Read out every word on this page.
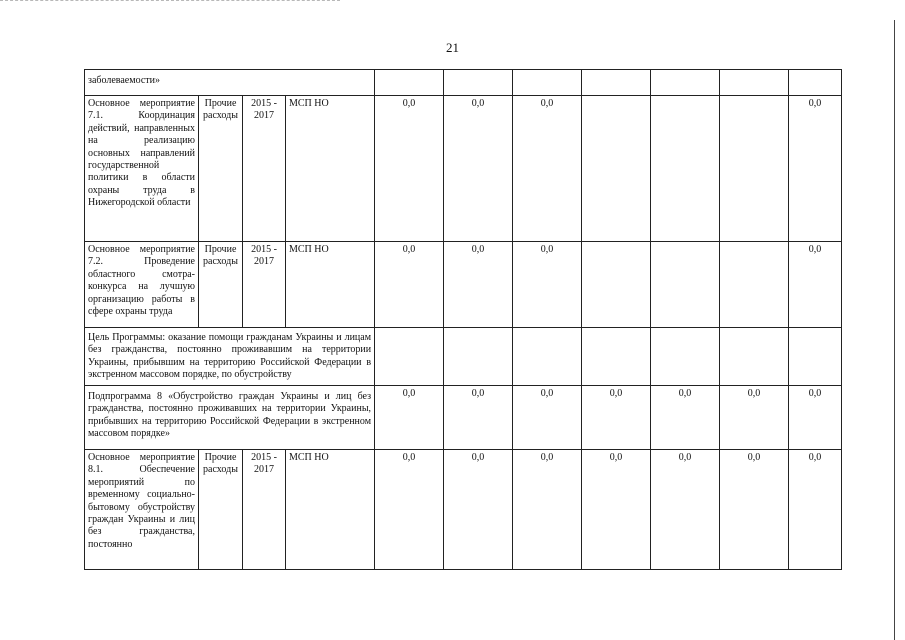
21
заболеваемости»										
Основное мероприятие 7.1. Координация действий, направленных на реализацию основных направлений государственной политики в области охраны труда в Нижегородской области	Прочие расходы	2015 - 2017	МСП НО	0,0	0,0	0,0				0,0
Основное мероприятие 7.2. Проведение областного смотра-конкурса на лучшую организацию работы в сфере охраны труда	Прочие расходы	2015 - 2017	МСП НО	0,0	0,0	0,0				0,0
Цель Программы: оказание помощи гражданам Украины и лицам без гражданства, постоянно проживавшим на территории Украины, прибывшим на территорию Российской Федерации в экстренном массовом порядке, по обустройству										
Подпрограмма 8 «Обустройство граждан Украины и лиц без гражданства, постоянно проживавших на территории Украины, прибывших на территорию Российской Федерации в экстренном массовом порядке»				0,0	0,0	0,0	0,0	0,0	0,0	0,0
Основное мероприятие 8.1. Обеспечение мероприятий по временному социально-бытовому обустройству граждан Украины и лиц без гражданства, постоянно	Прочие расходы	2015 - 2017	МСП НО	0,0	0,0	0,0	0,0	0,0	0,0	0,0
